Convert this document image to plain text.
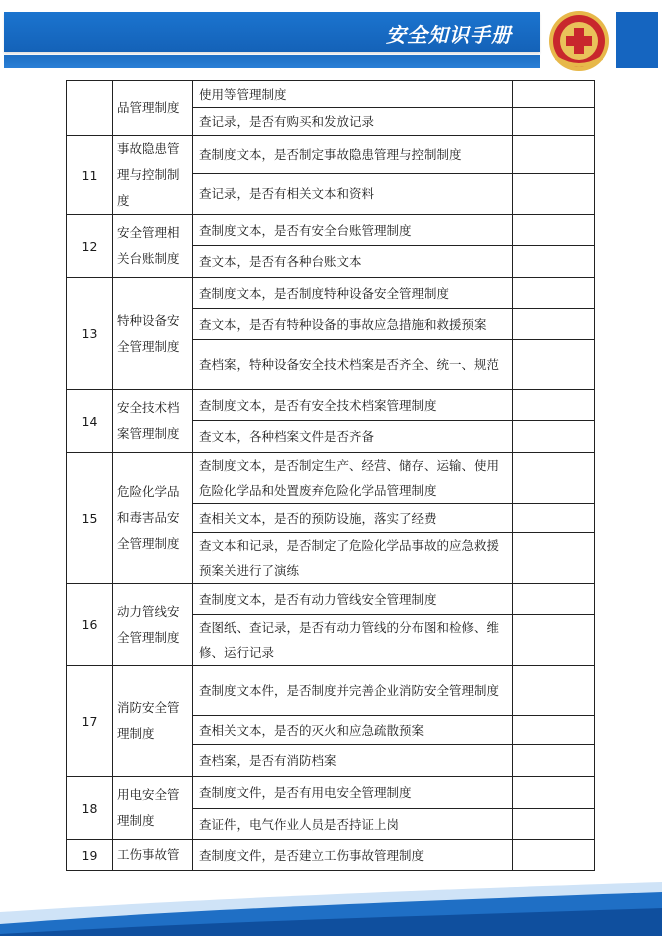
安全知识手册
	品管理制度	使用等管理制度	
		查记录，是否有购买和发放记录	
11	事故隐患管理与控制制度	查制度文本，是否制定事故隐患管理与控制制度	
		查记录，是否有相关文本和资料	
12	安全管理相关台账制度	查制度文本，是否有安全台账管理制度	
		查文本，是否有各种台账文本	
13	特种设备安全管理制度	查制度文本，是否制度特种设备安全管理制度	
		查文本，是否有特种设备的事故应急措施和救援预案	
		查档案，特种设备安全技术档案是否齐全、统一、规范	
14	安全技术档案管理制度	查制度文本，是否有安全技术档案管理制度	
		查文本，各种档案文件是否齐备	
15	危险化学品和毒害品安全管理制度	查制度文本，是否制定生产、经营、储存、运输、使用危险化学品和处置废弃危险化学品管理制度	
		查相关文本，是否的预防设施，落实了经费	
		查文本和记录，是否制定了危险化学品事故的应急救援预案关进行了演练	
16	动力管线安全管理制度	查制度文本，是否有动力管线安全管理制度	
		查图纸、查记录，是否有动力管线的分布图和检修、维修、运行记录	
17	消防安全管理制度	查制度文本件，是否制度并完善企业消防安全管理制度	
		查相关文本，是否的灭火和应急疏散预案	
		查档案，是否有消防档案	
18	用电安全管理制度	查制度文件，是否有用电安全管理制度	
		查证件，电气作业人员是否持证上岗	
19	工伤事故管	查制度文件，是否建立工伤事故管理制度	
